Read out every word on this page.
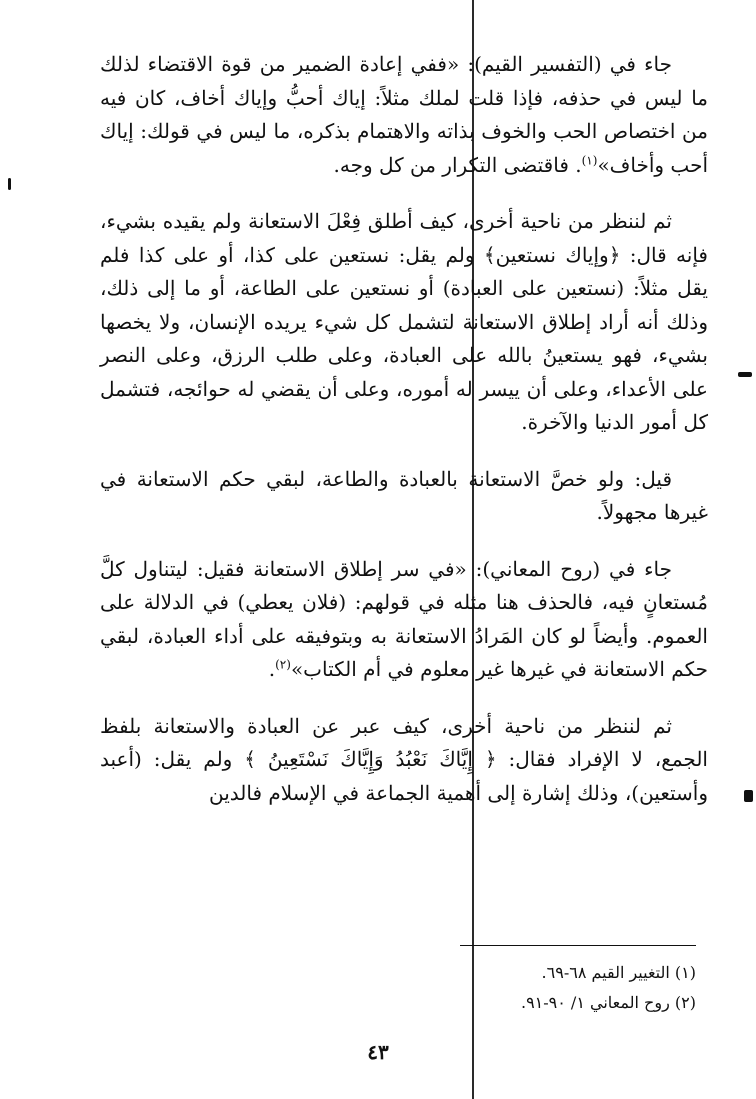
جاء في (التفسير القيم): «ففي إعادة الضمير من قوة الاقتضاء لذلك ما ليس في حذفه، فإذا قلت لملك مثلاً: إياك أحبُّ وإياك أخاف، كان فيه من اختصاص الحب والخوف بذاته والاهتمام بذكره، ما ليس في قولك: إياك أحب وأخاف»$^{(١)}$. فاقتضى التكرار من كل وجه.

ثم لننظر من ناحية أخرى، كيف أطلق فِعْلَ الاستعانة ولم يقيده بشيء، فإنه قال: ﴿وإياك نستعين﴾ ولم يقل: نستعين على كذا، أو على كذا فلم يقل مثلاً: (نستعين على العبادة) أو نستعين على الطاعة، أو ما إلى ذلك، وذلك أنه أراد إطلاق الاستعانة لتشمل كل شيء يريده الإنسان، ولا يخصها بشيء، فهو يستعينُ بالله على العبادة، وعلى طلب الرزق، وعلى النصر على الأعداء، وعلى أن ييسر له أموره، وعلى أن يقضي له حوائجه، فتشمل كل أمور الدنيا والآخرة.

قيل: ولو خصَّ الاستعانة بالعبادة والطاعة، لبقي حكم الاستعانة في غيرها مجهولاً.

جاء في (روح المعاني): «في سر إطلاق الاستعانة فقيل: ليتناول كلَّ مُستعانٍ فيه، فالحذف هنا مثله في قولهم: (فلان يعطي) في الدلالة على العموم. وأيضاً لو كان المَرادُ الاستعانة به وبتوفيقه على أداء العبادة، لبقي حكم الاستعانة في غيرها غير معلوم في أم الكتاب»$^{(٢)}$.

ثم لننظر من ناحية أخرى، كيف عبر عن العبادة والاستعانة بلفظ الجمع، لا الإفراد فقال: ﴿ إِيَّاكَ نَعْبُدُ وَإِيَّاكَ نَسْتَعِينُ ﴾ ولم يقل: (أعبد وأستعين)، وذلك إشارة إلى أهمية الجماعة في الإسلام فالدين

(١) التغيير القيم ٦٨-٦٩.

(٢) روح المعاني ١/ ٩٠-٩١.

٤٣
